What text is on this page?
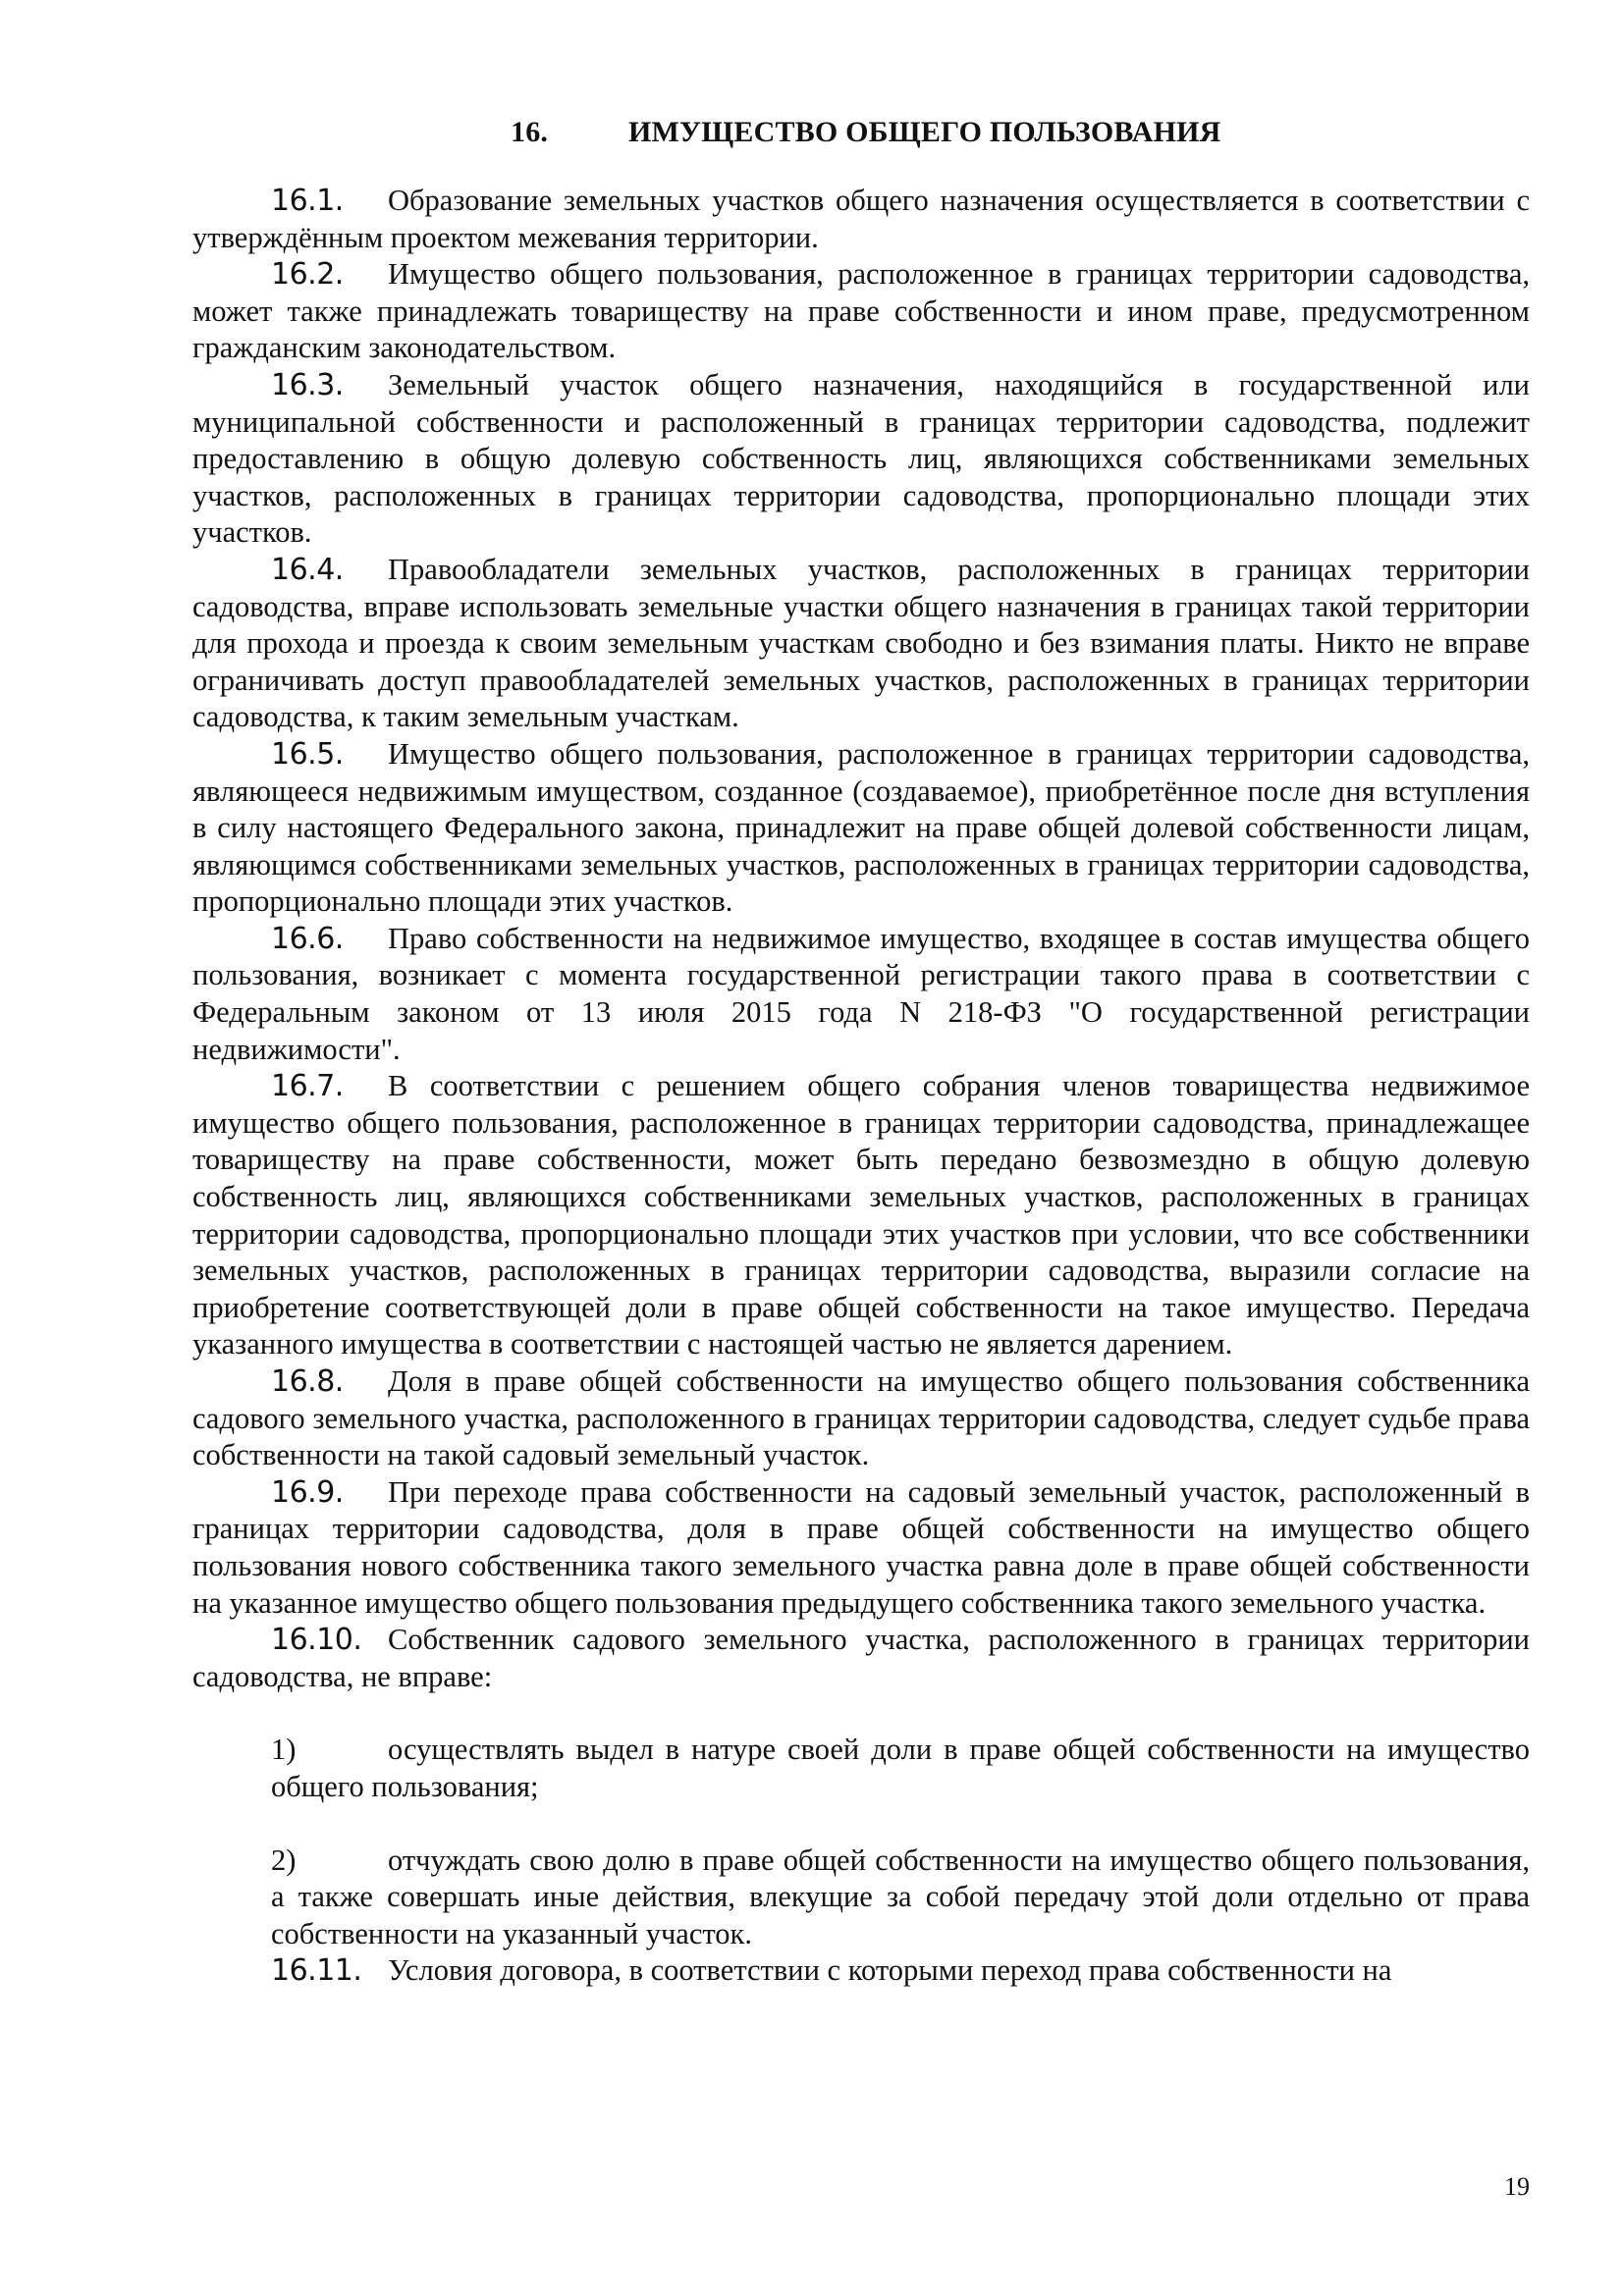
16.	ИМУЩЕСТВО ОБЩЕГО ПОЛЬЗОВАНИЯ

16.1. Образование земельных участков общего назначения осуществляется в соответствии с утверждённым проектом межевания территории.

16.2. Имущество общего пользования, расположенное в границах территории садоводства, может также принадлежать товариществу на праве собственности и ином праве, предусмотренном гражданским законодательством.

16.3. Земельный участок общего назначения, находящийся в государственной или муниципальной собственности и расположенный в границах территории садоводства, подлежит предоставлению в общую долевую собственность лиц, являющихся собственниками земельных участков, расположенных в границах территории садоводства, пропорционально площади этих участков.

16.4. Правообладатели земельных участков, расположенных в границах территории садоводства, вправе использовать земельные участки общего назначения в границах такой территории для прохода и проезда к своим земельным участкам свободно и без взимания платы. Никто не вправе ограничивать доступ правообладателей земельных участков, расположенных в границах территории садоводства, к таким земельным участкам.

16.5. Имущество общего пользования, расположенное в границах территории садоводства, являющееся недвижимым имуществом, созданное (создаваемое), приобретённое после дня вступления в силу настоящего Федерального закона, принадлежит на праве общей долевой собственности лицам, являющимся собственниками земельных участков, расположенных в границах территории садоводства, пропорционально площади этих участков.

16.6. Право собственности на недвижимое имущество, входящее в состав имущества общего пользования, возникает с момента государственной регистрации такого права в соответствии с Федеральным законом от 13 июля 2015 года N 218-ФЗ "О государственной регистрации недвижимости".

16.7. В соответствии с решением общего собрания членов товарищества недвижимое имущество общего пользования, расположенное в границах территории садоводства, принадлежащее товариществу на праве собственности, может быть передано безвозмездно в общую долевую собственность лиц, являющихся собственниками земельных участков, расположенных в границах территории садоводства, пропорционально площади этих участков при условии, что все собственники земельных участков, расположенных в границах территории садоводства, выразили согласие на приобретение соответствующей доли в праве общей собственности на такое имущество. Передача указанного имущества в соответствии с настоящей частью не является дарением.

16.8. Доля в праве общей собственности на имущество общего пользования собственника садового земельного участка, расположенного в границах территории садоводства, следует судьбе права собственности на такой садовый земельный участок.

16.9. При переходе права собственности на садовый земельный участок, расположенный в границах территории садоводства, доля в праве общей собственности на имущество общего пользования нового собственника такого земельного участка равна доле в праве общей собственности на указанное имущество общего пользования предыдущего собственника такого земельного участка.

16.10. Собственник садового земельного участка, расположенного в границах территории садоводства, не вправе:

1)	осуществлять выдел в натуре своей доли в праве общей собственности на имущество общего пользования;

2)	отчуждать свою долю в праве общей собственности на имущество общего пользования, а также совершать иные действия, влекущие за собой передачу этой доли отдельно от права собственности на указанный участок.

16.11. Условия договора, в соответствии с которыми переход права собственности на

19
